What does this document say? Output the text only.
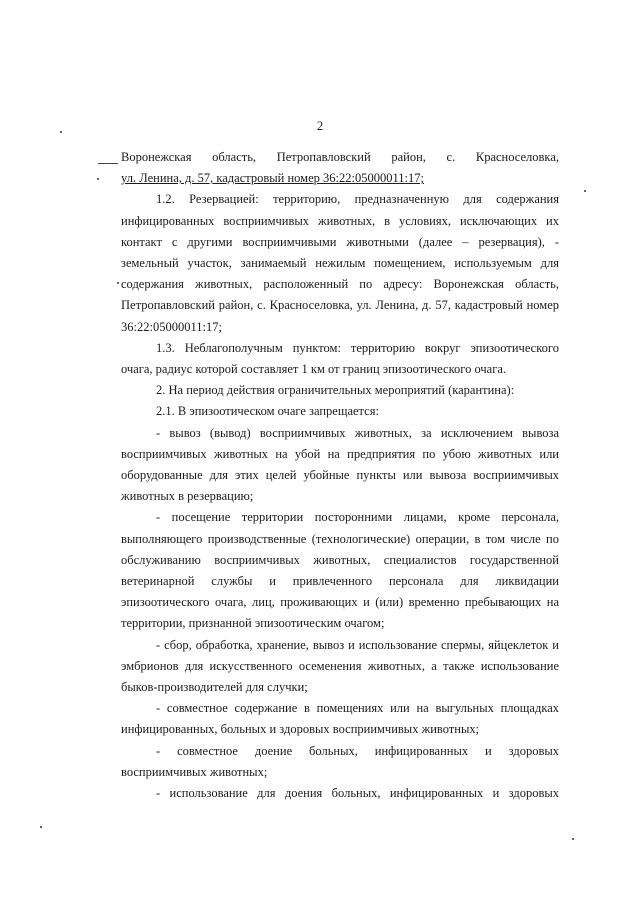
2

Воронежская область, Петропавловский район, с. Красноселовка,

ул. Ленина, д. 57, кадастровый номер 36:22:05000011:17;

1.2. Резервацией: территорию, предназначенную для содержания инфицированных восприимчивых животных, в условиях, исключающих их контакт с другими восприимчивыми животными (далее – резервация), - земельный участок, занимаемый нежилым помещением, используемым для содержания животных, расположенный по адресу: Воронежская область, Петропавловский район, с. Красноселовка, ул. Ленина, д. 57, кадастровый номер 36:22:05000011:17;

1.3. Неблагополучным пунктом: территорию вокруг эпизоотического очага, радиус которой составляет 1 км от границ эпизоотического очага.

2. На период действия ограничительных мероприятий (карантина):

2.1. В эпизоотическом очаге запрещается:

- вывоз (вывод) восприимчивых животных, за исключением вывоза восприимчивых животных на убой на предприятия по убою животных или оборудованные для этих целей убойные пункты или вывоза восприимчивых животных в резервацию;

- посещение территории посторонними лицами, кроме персонала, выполняющего производственные (технологические) операции, в том числе по обслуживанию восприимчивых животных, специалистов государственной ветеринарной службы и привлеченного персонала для ликвидации эпизоотического очага, лиц, проживающих и (или) временно пребывающих на территории, признанной эпизоотическим очагом;

- сбор, обработка, хранение, вывоз и использование спермы, яйцеклеток и эмбрионов для искусственного осеменения животных, а также использование быков-производителей для случки;

- совместное содержание в помещениях или на выгульных площадках инфицированных, больных и здоровых восприимчивых животных;

- совместное доение больных, инфицированных и здоровых восприимчивых животных;

- использование для доения больных, инфицированных и здоровых
